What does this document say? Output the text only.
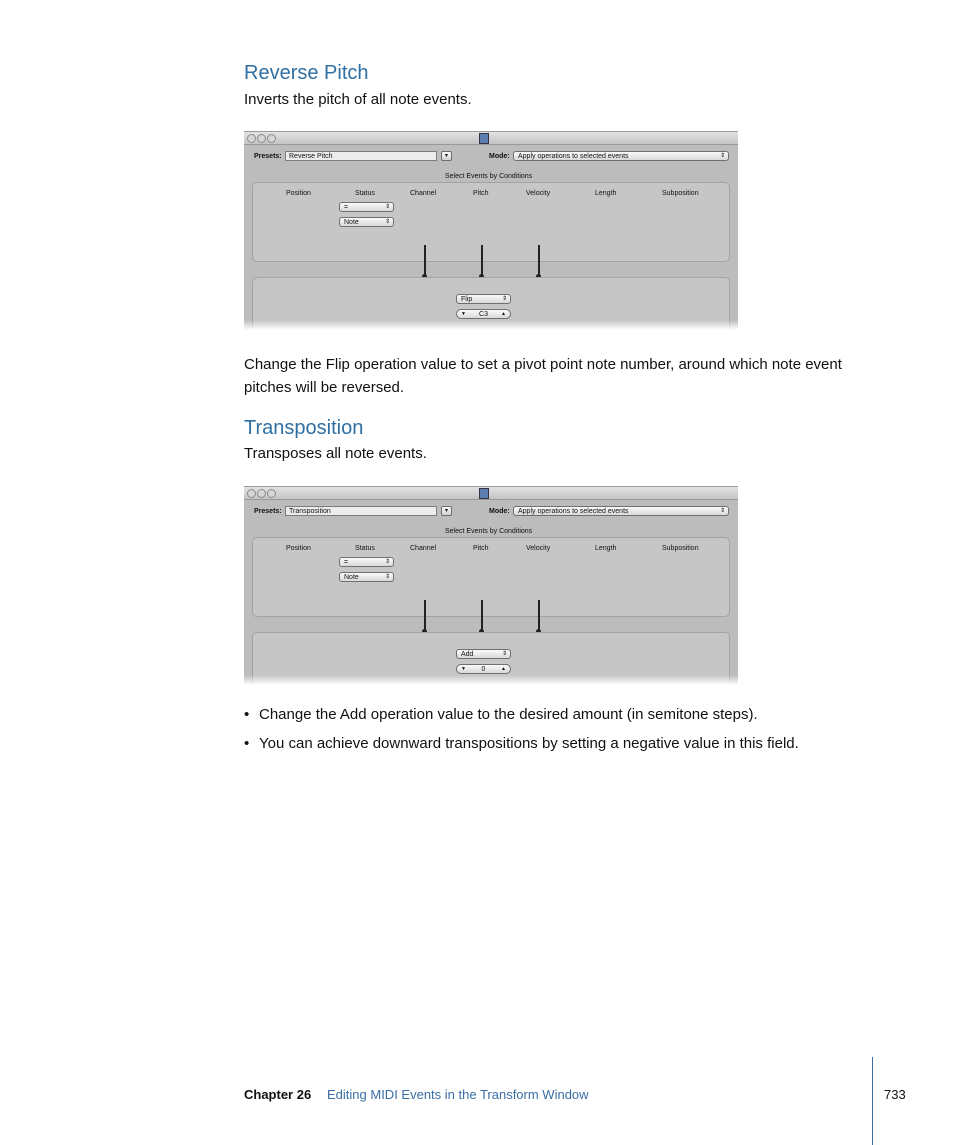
Reverse Pitch

Inverts the pitch of all note events.

Presets:	Reverse Pitch	▾	Mode:	Apply operations to selected events	⇕
Select Events by Conditions
Position	Status	Channel	Pitch	Velocity	Length	Subposition
=	⇕
Note	⇕
Flip	⇕
▼ C3	▲

Change the Flip operation value to set a pivot point note number, around which note event pitches will be reversed.

Transposition

Transposes all note events.

Presets:	Transposition	▾	Mode:	Apply operations to selected events	⇕
Select Events by Conditions
Position	Status	Channel	Pitch	Velocity	Length	Subposition
=	⇕
Note	⇕
Add	⇕
▼ 0	▲
• Change the Add operation value to the desired amount (in semitone steps).
• You can achieve downward transpositions by setting a negative value in this field.
Chapter 26 Editing MIDI Events in the Transform Window	733
